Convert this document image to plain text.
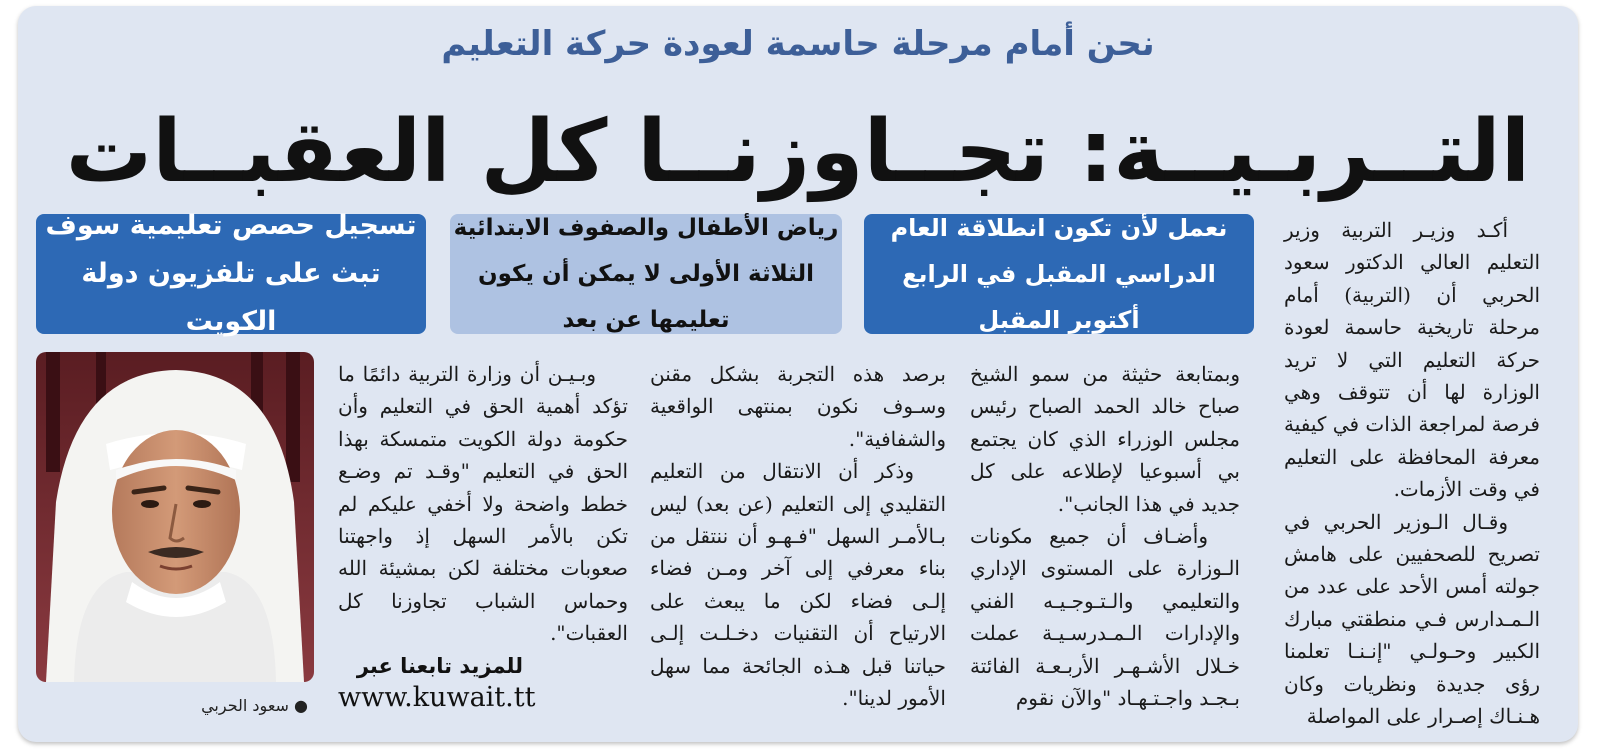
نحن أمام مرحلة حاسمة لعودة حركة التعليم
التــربـيــة: تجــاوزنــا كل العقبــات
نعمل لأن تكون انطلاقة العام الدراسي المقبل في الرابع أكتوبر المقبل
رياض الأطفال والصفوف الابتدائية الثلاثة الأولى لا يمكن أن يكون تعليمها عن بعد
تسجيل حصص تعليمية سوف تبث على تلفزيون دولة الكويت

أكـد وزيـر التربية وزير التعليم العالي الدكتور سعود الحربي أن (التربية) أمام مرحلة تاريخية حاسمة لعودة حركة التعليم التي لا تريد الوزارة لها أن تتوقف وهي فرصة لمراجعة الذات في كيفية معرفة المحافظة على التعليم في وقت الأزمات.

وقـال الـوزير الحربي في تصريح للصحفيين على هامش جولته أمس الأحد على عدد من الـمـدارس فـي منطقتي مبارك الكبير وحـولـي "إنـنـا تعلمنا رؤى جديدة ونظريات وكان هـنـاك إصـرار على المواصلة

وبمتابعة حثيثة من سمو الشيخ صباح خالد الحمد الصباح رئيس مجلس الوزراء الذي كان يجتمع بي أسبوعيا لإطلاعه على كل جديد في هذا الجانب".

وأضـاف أن جميع مكونات الـوزارة على المستوى الإداري والتعليمي والـتـوجـيـه الفني والإدارات الـمـدرسـيـة عملت خـلال الأشـهـر الأربـعـة الفائتة بـجـد واجـتـهـاد "والآن نقوم

برصد هذه التجربة بشكل مقنن وسـوف نكون بمنتهى الواقعية والشفافية".

وذكر أن الانتقال من التعليم التقليدي إلى التعليم (عن بعد) ليس بـالأمـر السهل "فـهـو أن ننتقل من بناء معرفي إلى آخر ومـن فضاء إلـى فضاء لكن ما يبعث على الارتياح أن التقنيات دخـلـت إلـى حياتنا قبل هـذه الجائحة مما سهل الأمور لدينا".

وبـيـن أن وزارة التربية دائمًا ما تؤكد أهمية الحق في التعليم وأن حكومة دولة الكويت متمسكة بهذا الحق في التعليم "وقـد تم وضـع خطط واضحة ولا أخفي عليكم لم تكن بالأمر السهل إذ واجهتنا صعوبات مختلفة لكن بمشيئة الله وحماس الشباب تجاوزنا كل العقبات".

للمزيد تابعنا عبر
www.kuwait.tt
● سعود الحربي
